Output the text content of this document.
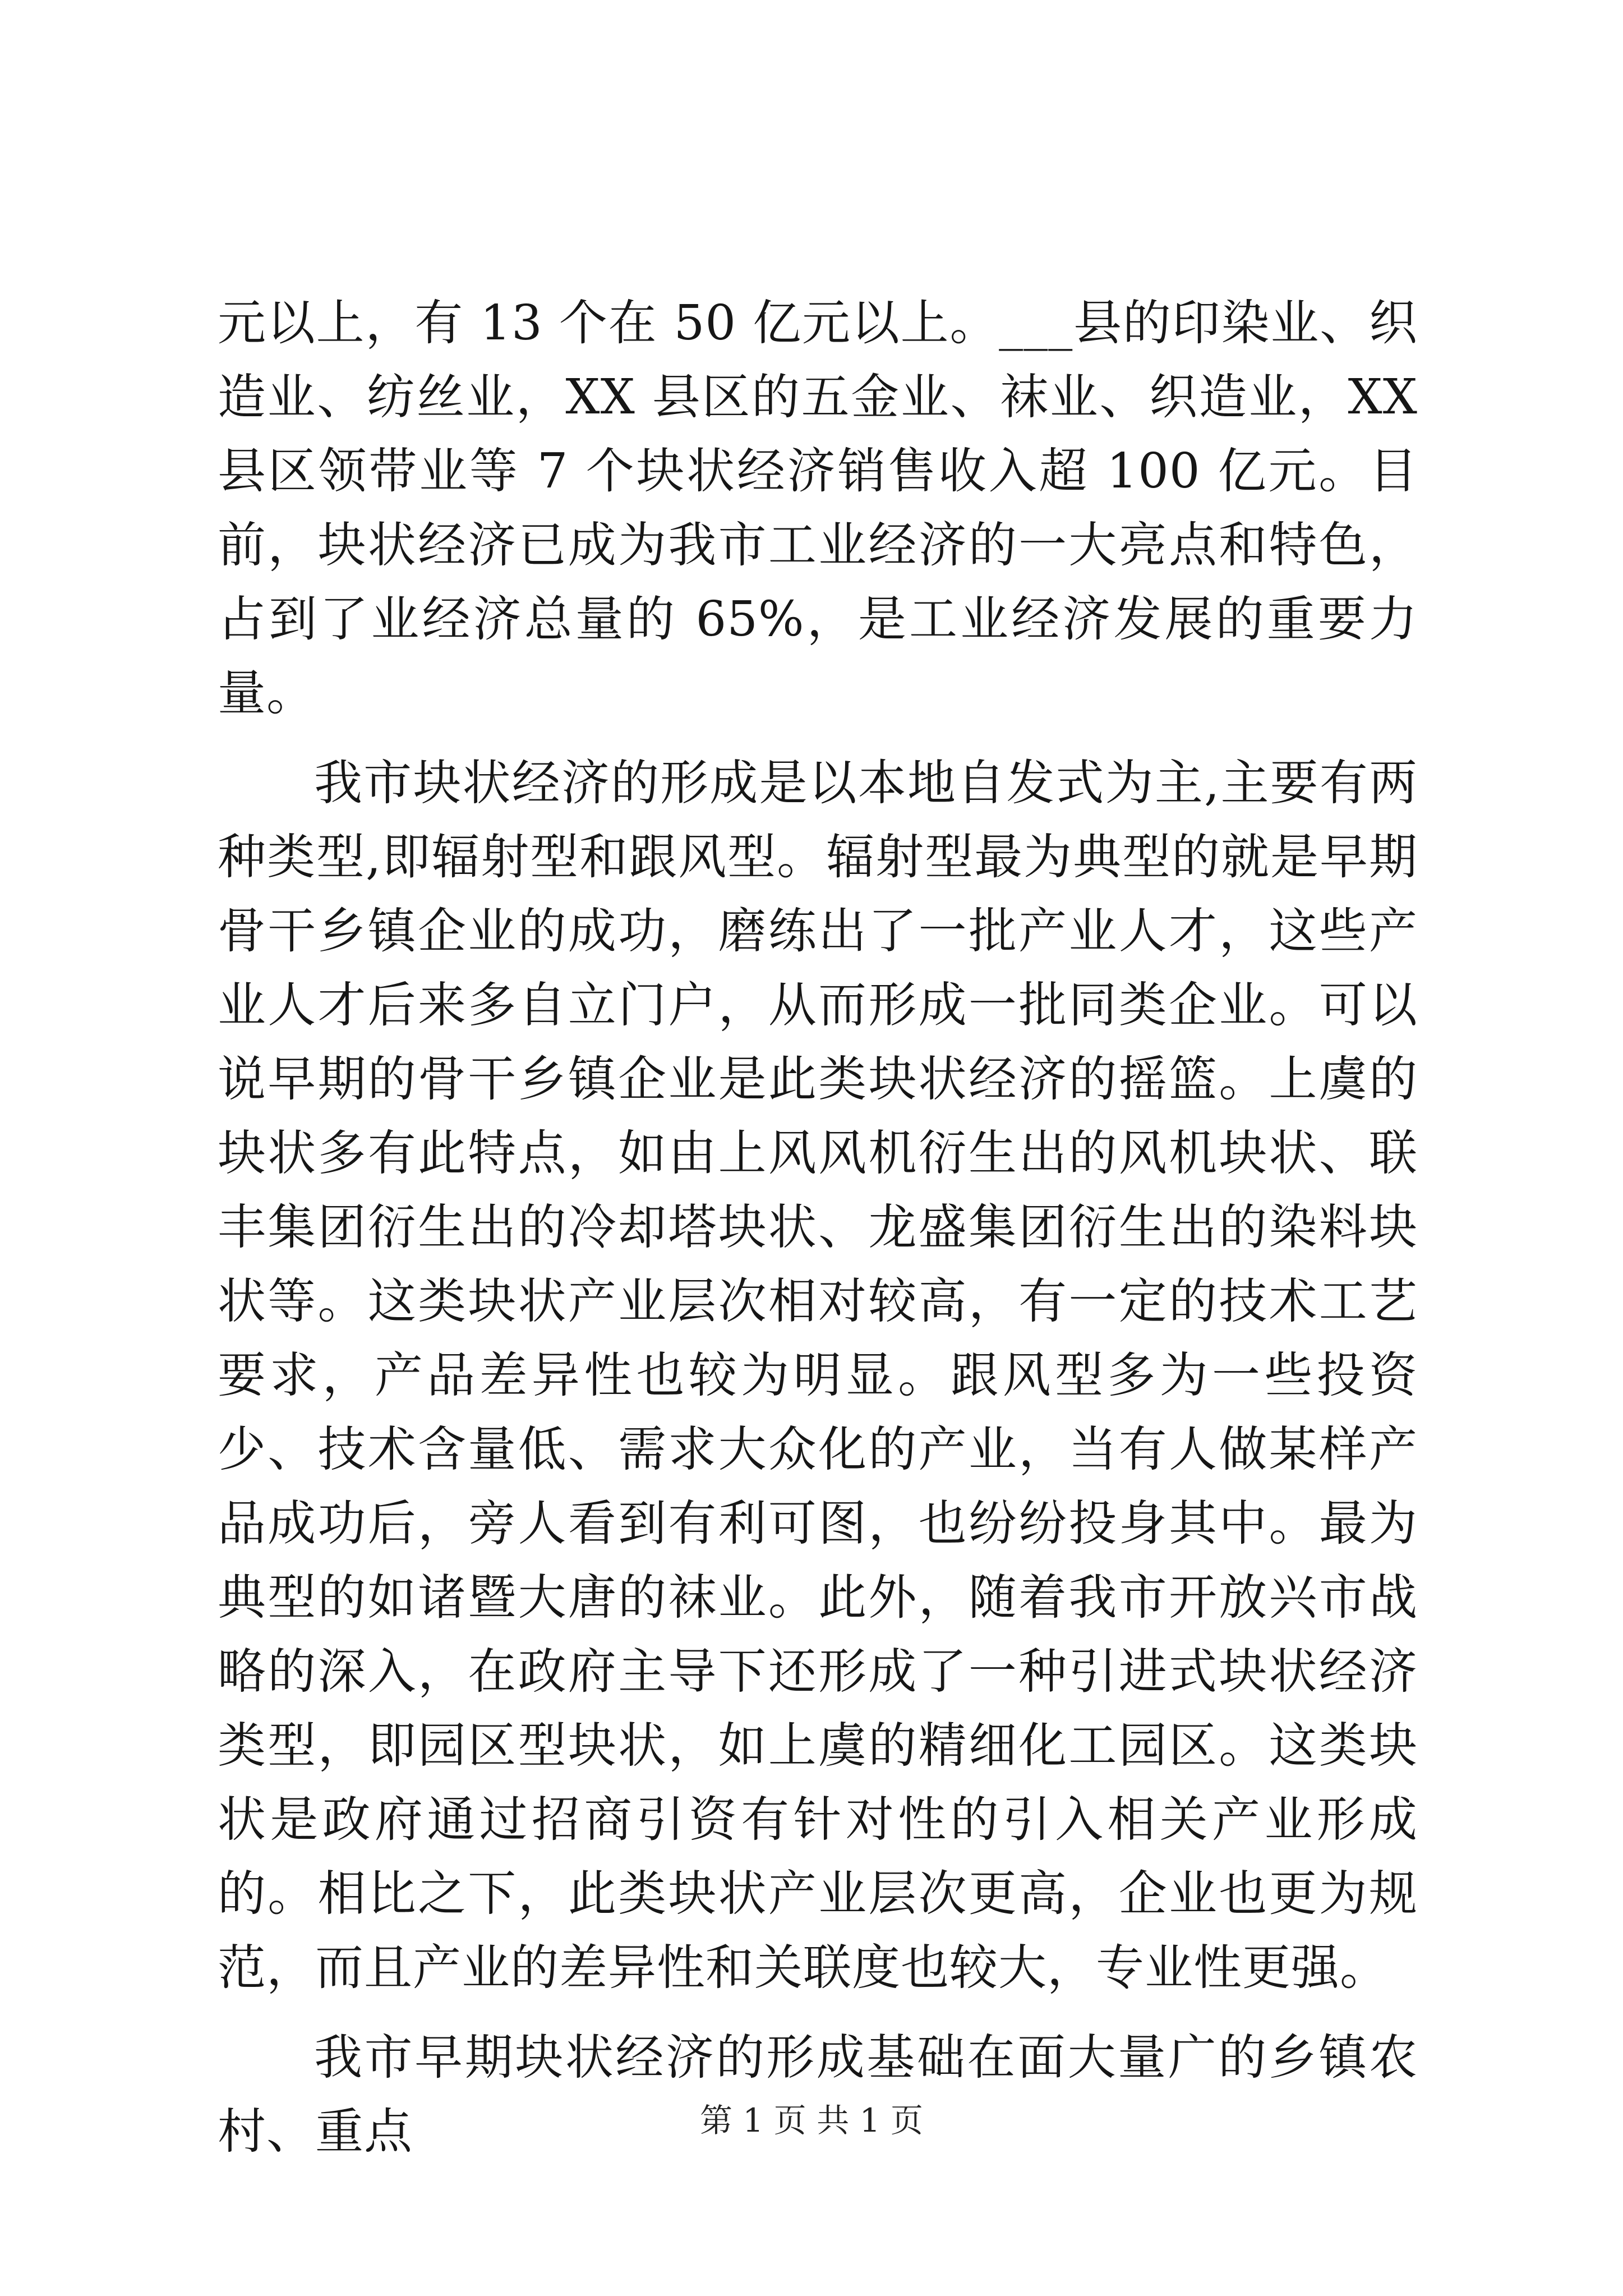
元以上，有 13 个在 50 亿元以上。___县的印染业、织造业、纺丝业，XX 县区的五金业、袜业、织造业，XX 县区领带业等 7 个块状经济销售收入超 100 亿元。目前，块状经济已成为我市工业经济的一大亮点和特色，占到了业经济总量的 65%，是工业经济发展的重要力量。

我市块状经济的形成是以本地自发式为主,主要有两种类型,即辐射型和跟风型。辐射型最为典型的就是早期骨干乡镇企业的成功，磨练出了一批产业人才，这些产业人才后来多自立门户，从而形成一批同类企业。可以说早期的骨干乡镇企业是此类块状经济的摇篮。上虞的块状多有此特点，如由上风风机衍生出的风机块状、联丰集团衍生出的冷却塔块状、龙盛集团衍生出的染料块状等。这类块状产业层次相对较高，有一定的技术工艺要求，产品差异性也较为明显。跟风型多为一些投资少、技术含量低、需求大众化的产业，当有人做某样产品成功后，旁人看到有利可图，也纷纷投身其中。最为典型的如诸暨大唐的袜业。此外，随着我市开放兴市战略的深入，在政府主导下还形成了一种引进式块状经济类型，即园区型块状，如上虞的精细化工园区。这类块状是政府通过招商引资有针对性的引入相关产业形成的。相比之下，此类块状产业层次更高，企业也更为规范，而且产业的差异性和关联度也较大，专业性更强。

我市早期块状经济的形成基础在面大量广的乡镇农村、重点	第 1 页 共 1 页
